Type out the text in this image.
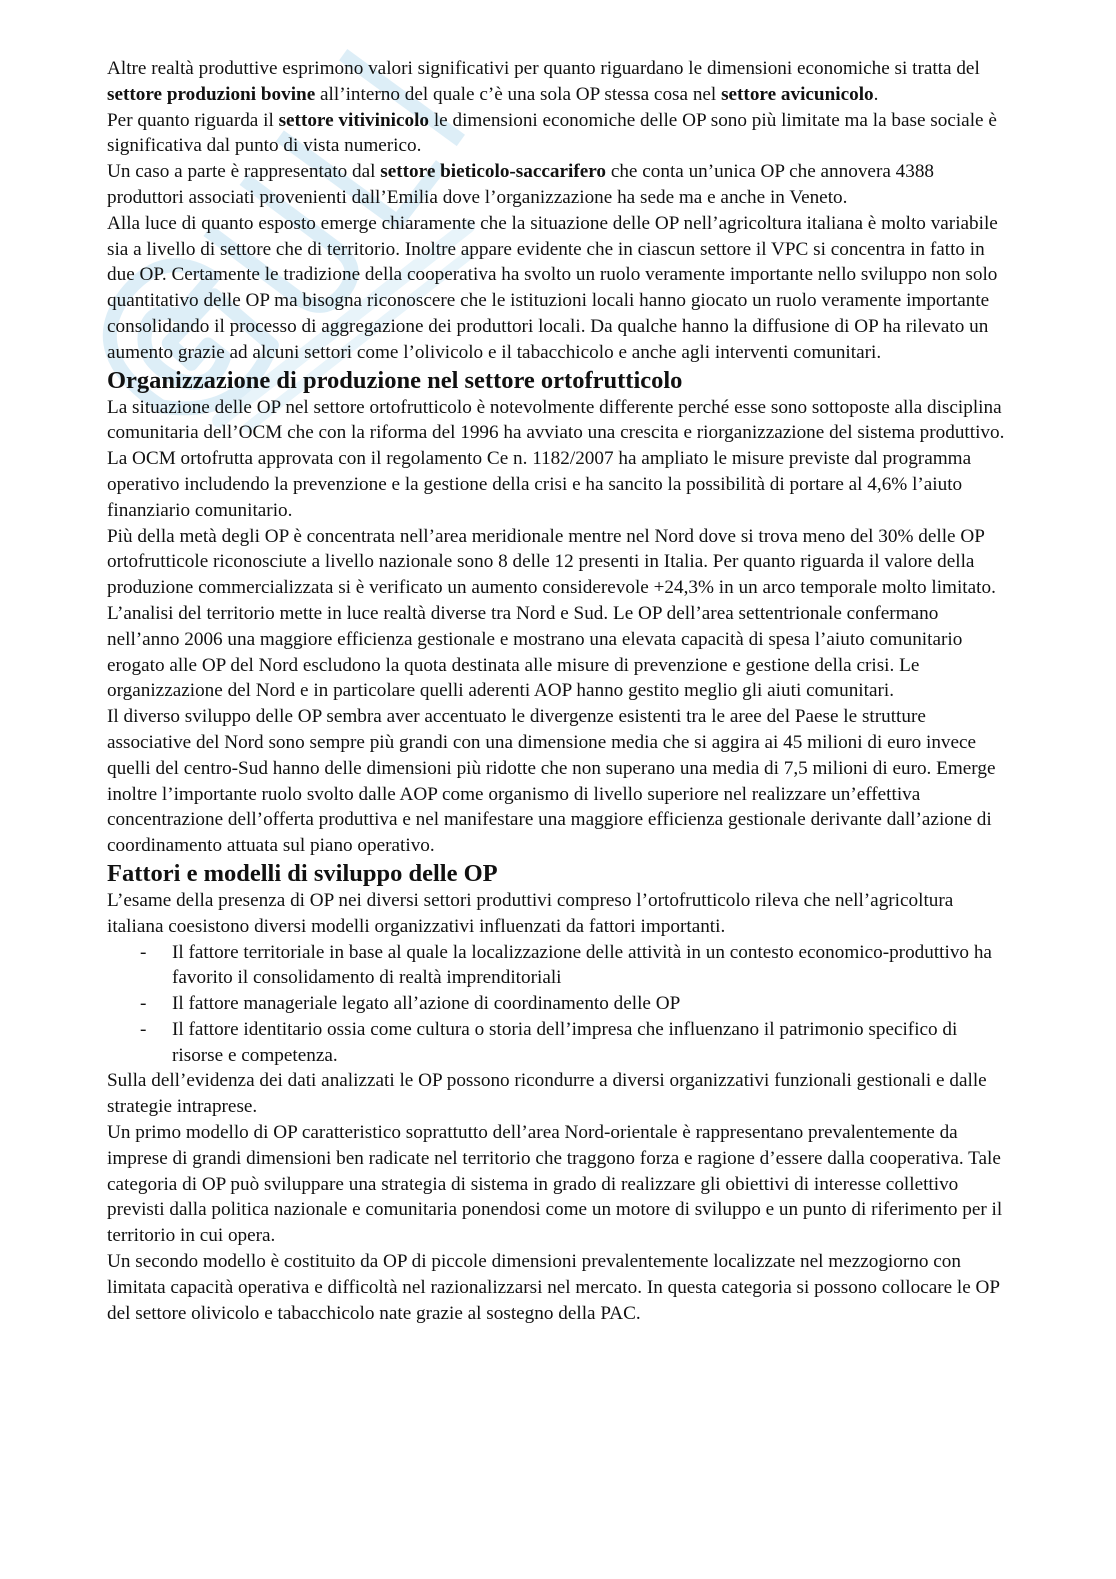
Altre realtà produttive esprimono valori significativi per quanto riguardano le dimensioni economiche si tratta del settore produzioni bovine all’interno del quale c’è una sola OP stessa cosa nel settore avicunicolo.

Per quanto riguarda il settore vitivinicolo le dimensioni economiche delle OP sono più limitate ma la base sociale è significativa dal punto di vista numerico.

Un caso a parte è rappresentato dal settore bieticolo-saccarifero che conta un’unica OP che annovera 4388 produttori associati provenienti dall’Emilia dove l’organizzazione ha sede ma e anche in Veneto.

Alla luce di quanto esposto emerge chiaramente che la situazione delle OP nell’agricoltura italiana è molto variabile sia a livello di settore che di territorio. Inoltre appare evidente che in ciascun settore il VPC si concentra in fatto in due OP. Certamente le tradizione della cooperativa ha svolto un ruolo veramente importante nello sviluppo non solo quantitativo delle OP ma bisogna riconoscere che le istituzioni locali hanno giocato un ruolo veramente importante consolidando il processo di aggregazione dei produttori locali. Da qualche hanno la diffusione di OP ha rilevato un aumento grazie ad alcuni settori come l’olivicolo e il tabacchicolo e anche agli interventi comunitari.

Organizzazione di produzione nel settore ortofrutticolo

La situazione delle OP nel settore ortofrutticolo è notevolmente differente perché esse sono sottoposte alla disciplina comunitaria dell’OCM che con la riforma del 1996 ha avviato una crescita e riorganizzazione del sistema produttivo. La OCM ortofrutta approvata con il regolamento Ce n. 1182/2007 ha ampliato le misure previste dal programma operativo includendo la prevenzione e la gestione della crisi e ha sancito la possibilità di portare al 4,6% l’aiuto finanziario comunitario.

Più della metà degli OP è concentrata nell’area meridionale mentre nel Nord dove si trova meno del 30% delle OP ortofrutticole riconosciute a livello nazionale sono 8 delle 12 presenti in Italia. Per quanto riguarda il valore della produzione commercializzata si è verificato un aumento considerevole +24,3% in un arco temporale molto limitato.

L’analisi del territorio mette in luce realtà diverse tra Nord e Sud. Le OP dell’area settentrionale confermano nell’anno 2006 una maggiore efficienza gestionale e mostrano una elevata capacità di spesa l’aiuto comunitario erogato alle OP del Nord escludono la quota destinata alle misure di prevenzione e gestione della crisi. Le organizzazione del Nord e in particolare quelli aderenti AOP hanno gestito meglio gli aiuti comunitari.

Il diverso sviluppo delle OP sembra aver accentuato le divergenze esistenti tra le aree del Paese le strutture associative del Nord sono sempre più grandi con una dimensione media che si aggira ai 45 milioni di euro invece quelli del centro-Sud hanno delle dimensioni più ridotte che non superano una media di 7,5 milioni di euro. Emerge inoltre l’importante ruolo svolto dalle AOP come organismo di livello superiore nel realizzare un’effettiva concentrazione dell’offerta produttiva e nel manifestare una maggiore efficienza gestionale derivante dall’azione di coordinamento attuata sul piano operativo.

Fattori e modelli di sviluppo delle OP

L’esame della presenza di OP nei diversi settori produttivi compreso l’ortofrutticolo rileva che nell’agricoltura italiana coesistono diversi modelli organizzativi influenzati da fattori importanti.

- Il fattore territoriale in base al quale la localizzazione delle attività in un contesto economico-produttivo ha favorito il consolidamento di realtà imprenditoriali
- Il fattore manageriale legato all’azione di coordinamento delle OP
- Il fattore identitario ossia come cultura o storia dell’impresa che influenzano il patrimonio specifico di risorse e competenza.

Sulla dell’evidenza dei dati analizzati le OP possono ricondurre a diversi organizzativi funzionali gestionali e dalle strategie intraprese.

Un primo modello di OP caratteristico soprattutto dell’area Nord-orientale è rappresentano prevalentemente da imprese di grandi dimensioni ben radicate nel territorio che traggono forza e ragione d’essere dalla cooperativa. Tale categoria di OP può sviluppare una strategia di sistema in grado di realizzare gli obiettivi di interesse collettivo previsti dalla politica nazionale e comunitaria ponendosi come un motore di sviluppo e un punto di riferimento per il territorio in cui opera.

Un secondo modello è costituito da OP di piccole dimensioni prevalentemente localizzate nel mezzogiorno con limitata capacità operativa e difficoltà nel razionalizzarsi nel mercato. In questa categoria si possono collocare le OP del settore olivicolo e tabacchicolo nate grazie al sostegno della PAC.
